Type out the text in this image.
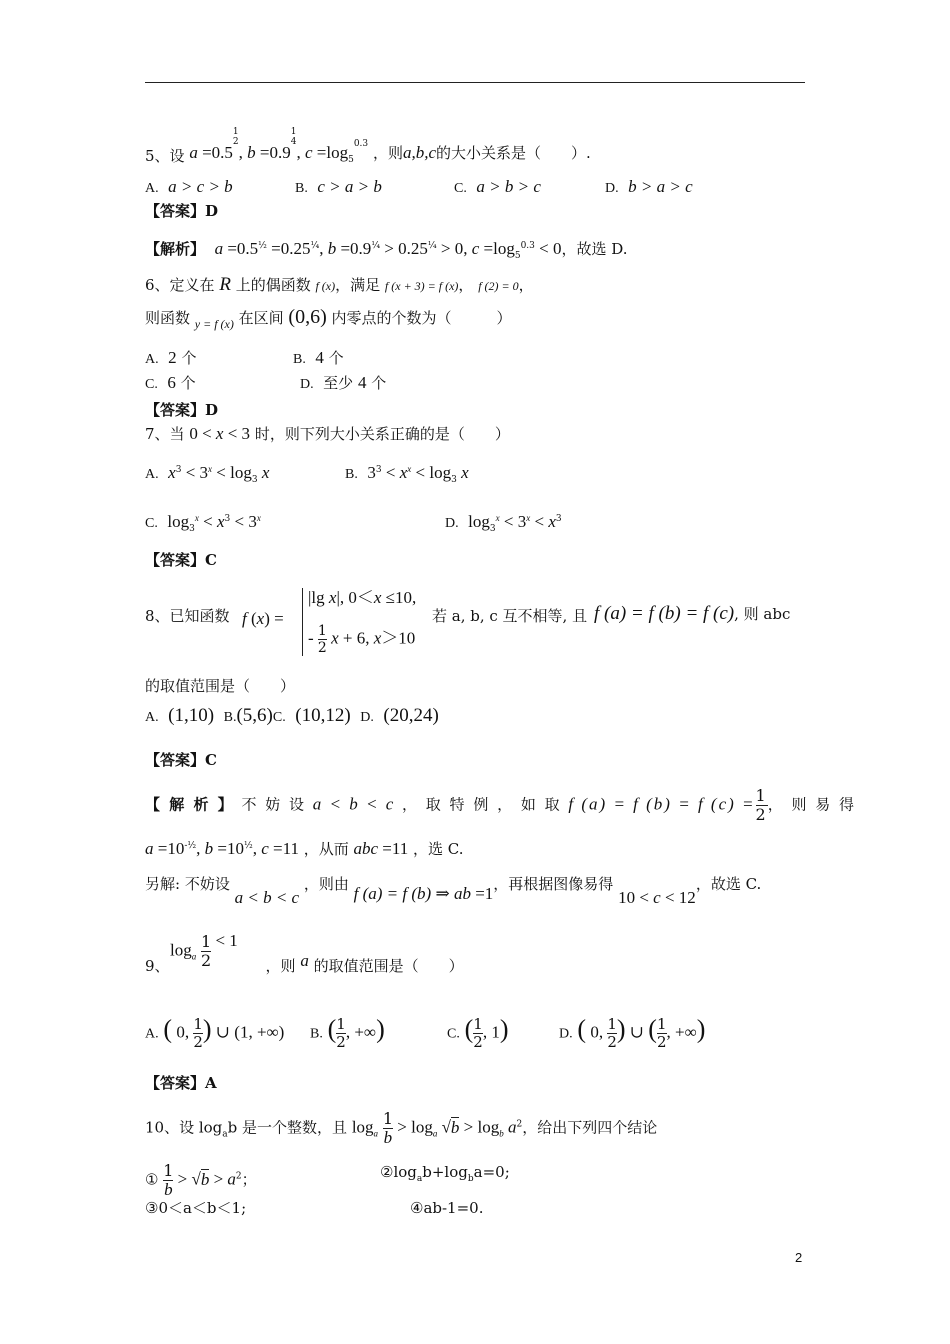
5、设 $a =0.5^{1 2}$, $b =0.9^{1 4}$, $c =\log_5^{0.3}$ ，则a,b,c的大小关系是（　　）.
A. a > c > b	B. c > a > b	C. a > b > c	D. b > a > c
【答案】D
【解析】 $a =0.5^{\frac{1}{2}} =0.25^{\frac{1}{4}}$, $b =0.9^{\frac{1}{4}} > 0.25^{\frac{1}{4}} > 0$, $c =\log_5^{0.3} < 0$，故选 D.
6、定义在 R 上的偶函数 f (x)，满足 f (x + 3) = f (x)， f (2) = 0，
则函数 $_{y = f (x)}$ 在区间 (0,6) 内零点的个数为（　　　）
A. 2 个	B. 4 个
C. 6 个	D.  至少 4 个
【答案】D
7、当 0 < x < 3 时，则下列大小关系正确的是（　　）
A. $x^3 < 3^x < \log_3 x$	B. $3^3 < x^x < \log_3 x$
C. $\log_3^x < x^3 < 3^x$	D. $\log_3^x < 3^x < x^3$
【答案】C
8、已知函数 f (x) =
|lg x|, 0＜x ≤10,
- $\frac{1}{2}$ x + 6, x＞10
若 a, b, c 互不相等, 且 f (a) = f (b) = f (c), 则 abc
的取值范围是（　　）
A. (1,10) B.(5,6)C. (10,12) D. (20,24)
【答案】C
【 解 析 】 不 妨 设 a < b < c ， 取 特 例 ， 如 取 f (a) = f (b) = f $(c) = \frac{1}{2}$ ， 则 易 得
$a =10^{-\frac{1}{2}}$, $b =10^{\frac{1}{2}}$, c =11 ，从而 abc =11 ，选 C.
另解: 不妨设 a < b < c ，则由 f (a) = f (b) ⇒ ab =1，再根据图像易得 10 < c < 12，故选 C.
$\log_a \frac{1}{2} < 1$
9、	，则 a 的取值范围是（　　）
A. ( 0, $\frac{1}{2}$ ) ∪ (1, +∞) B. ( $\frac{1}{2}$ , +∞)	C. ( $\frac{1}{2}$ , 1)	D. ( 0, $\frac{1}{2}$ ) ∪ ( $\frac{1}{2}$ , +∞)
【答案】A
10、设 $\log_ab$ 是一个整数，且 $\log_a \frac{1}{b} > \log_a √b > \log_b a^2$，给出下列四个结论
① $\frac{1}{b} > √b > a^2$；	$②\log_ab+\log_ba=0$;
③0＜a＜b＜1;	④ab-1=0.
2
